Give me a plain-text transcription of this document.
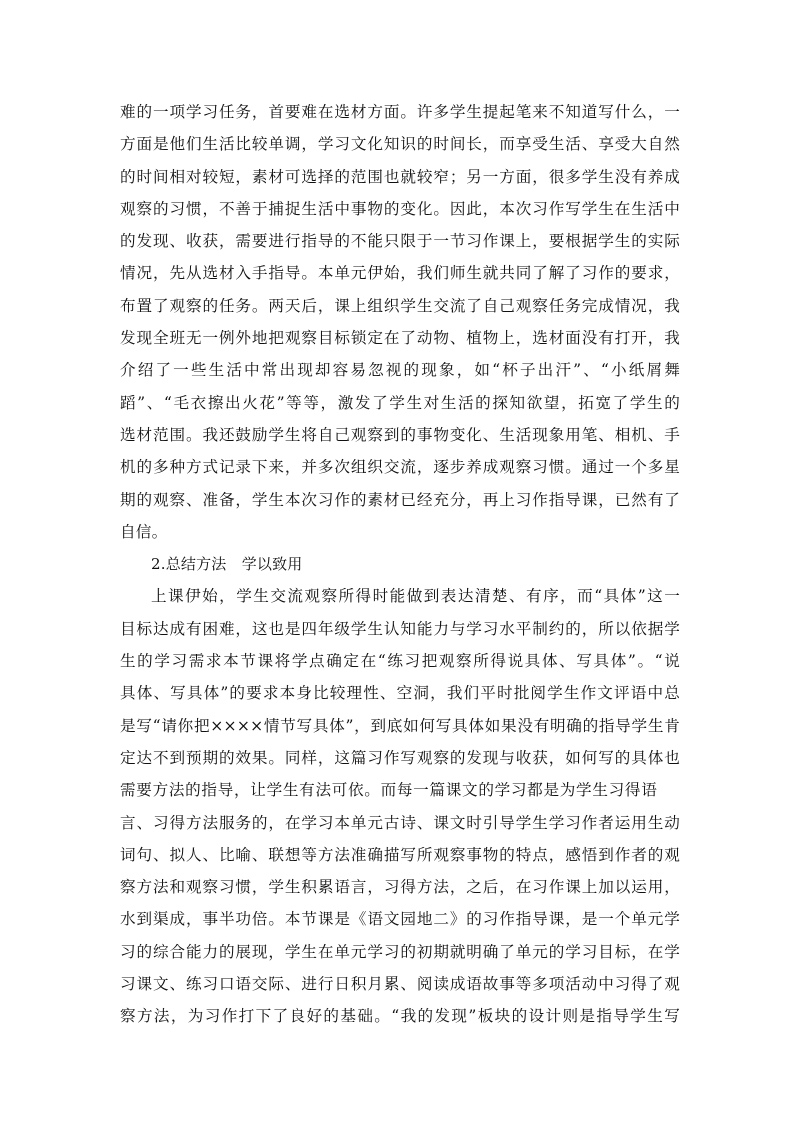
难的一项学习任务，首要难在选材方面。许多学生提起笔来不知道写什么，一
方面是他们生活比较单调，学习文化知识的时间长，而享受生活、享受大自然
的时间相对较短，素材可选择的范围也就较窄；另一方面，很多学生没有养成
观察的习惯，不善于捕捉生活中事物的变化。因此，本次习作写学生在生活中
的发现、收获，需要进行指导的不能只限于一节习作课上，要根据学生的实际
情况，先从选材入手指导。本单元伊始，我们师生就共同了解了习作的要求，
布置了观察的任务。两天后，课上组织学生交流了自己观察任务完成情况，我
发现全班无一例外地把观察目标锁定在了动物、植物上，选材面没有打开，我
介绍了一些生活中常出现却容易忽视的现象，如“杯子出汗”、“小纸屑舞
蹈”、“毛衣擦出火花”等等，激发了学生对生活的探知欲望，拓宽了学生的
选材范围。我还鼓励学生将自己观察到的事物变化、生活现象用笔、相机、手
机的多种方式记录下来，并多次组织交流，逐步养成观察习惯。通过一个多星
期的观察、准备，学生本次习作的素材已经充分，再上习作指导课，已然有了
自信。
2.总结方法　学以致用
上课伊始，学生交流观察所得时能做到表达清楚、有序，而“具体”这一
目标达成有困难，这也是四年级学生认知能力与学习水平制约的，所以依据学
生的学习需求本节课将学点确定在“练习把观察所得说具体、写具体”。“说
具体、写具体”的要求本身比较理性、空洞，我们平时批阅学生作文评语中总
是写“请你把××××情节写具体”，到底如何写具体如果没有明确的指导学生肯
定达不到预期的效果。同样，这篇习作写观察的发现与收获，如何写的具体也
需要方法的指导，让学生有法可依。而每一篇课文的学习都是为学生习得语
言、习得方法服务的，在学习本单元古诗、课文时引导学生学习作者运用生动
词句、拟人、比喻、联想等方法准确描写所观察事物的特点，感悟到作者的观
察方法和观察习惯，学生积累语言，习得方法，之后，在习作课上加以运用，
水到渠成，事半功倍。本节课是《语文园地二》的习作指导课，是一个单元学
习的综合能力的展现，学生在单元学习的初期就明确了单元的学习目标，在学
习课文、练习口语交际、进行日积月累、阅读成语故事等多项活动中习得了观
察方法，为习作打下了良好的基础。“我的发现”板块的设计则是指导学生写
